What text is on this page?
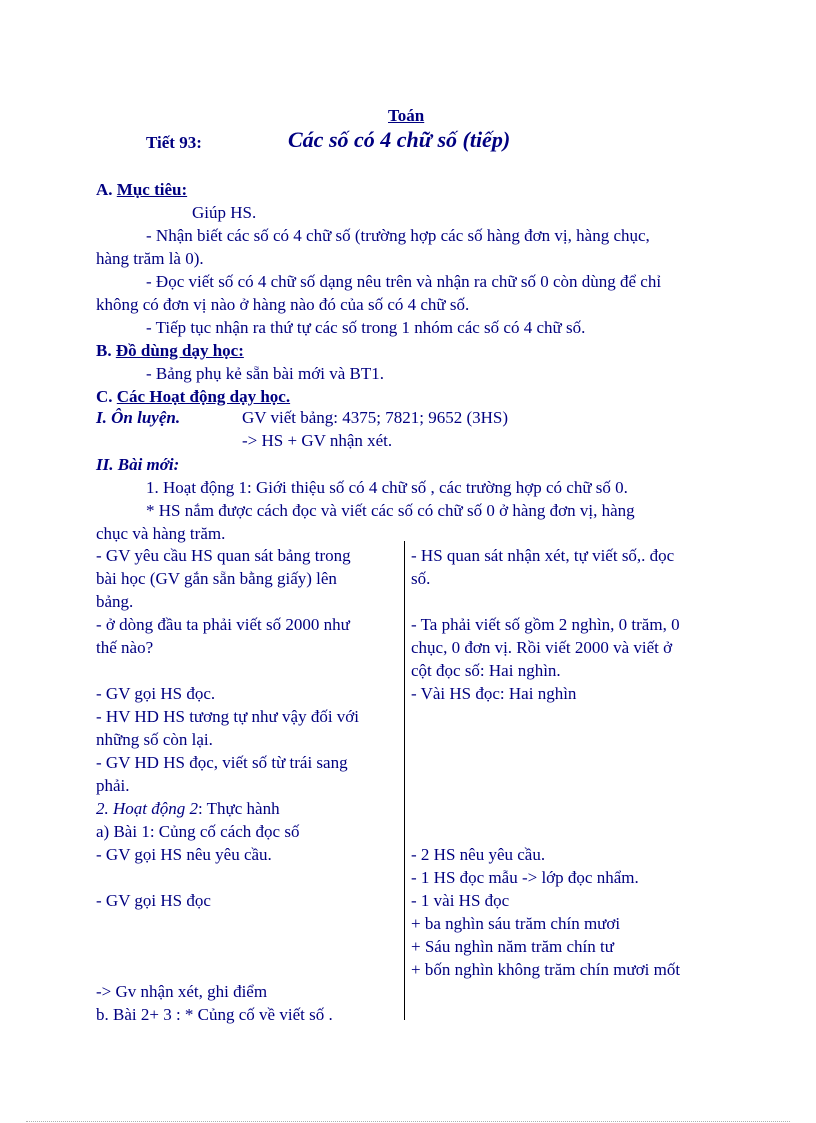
Toán
Tiết 93:	Các số có 4 chữ số (tiếp)
A. Mục tiêu:
Giúp HS.
- Nhận biết các số có 4 chữ số (trường hợp các số hàng đơn vị, hàng chục,
hàng trăm là 0).
- Đọc viết số có 4 chữ số dạng nêu trên và nhận ra chữ số 0 còn dùng để chỉ
không có đơn vị nào ở hàng nào đó của số có 4 chữ số.
- Tiếp tục nhận ra thứ tự các số trong 1 nhóm các số có 4 chữ số.
B. Đồ dùng dạy học:
- Bảng phụ kẻ sẵn bài mới và BT1.
C. Các Hoạt động dạy học.
I. Ôn luyện.	GV viết bảng: 4375; 7821; 9652 (3HS)
-> HS + GV nhận xét.
II. Bài mới:
1. Hoạt động 1: Giới thiệu số có 4 chữ số , các trường hợp có chữ số 0.
* HS nắm được cách đọc và viết các số có chữ số 0 ở hàng đơn vị, hàng
chục và hàng trăm.
- GV yêu cầu HS quan sát bảng trong
bài học (GV gắn sẵn bằng giấy) lên
bảng.
- ở dòng đầu ta phải viết số 2000 như
thế nào?
- GV gọi HS đọc.
- HV HD HS tương tự như vậy đối với
những số còn lại.
- GV HD HS đọc, viết số từ trái sang
phải.
2. Hoạt động 2: Thực hành
a) Bài 1: Củng cố cách đọc số
- GV gọi HS nêu yêu cầu.
- GV gọi HS đọc
-> Gv nhận xét, ghi điểm
b. Bài 2+ 3 : * Củng cố về viết số .
- HS quan sát nhận xét, tự viết số,. đọc
số.
- Ta phải viết số gồm 2 nghìn, 0 trăm, 0
chục, 0 đơn vị. Rồi viết 2000 và viết ở
cột đọc số: Hai nghìn.
- Vài HS đọc: Hai nghìn
- 2 HS nêu yêu cầu.
- 1 HS đọc mẫu -> lớp đọc nhẩm.
- 1 vài HS đọc
+ ba nghìn sáu trăm chín mươi
+ Sáu nghìn năm trăm chín tư
+ bốn nghìn không trăm chín mươi mốt
